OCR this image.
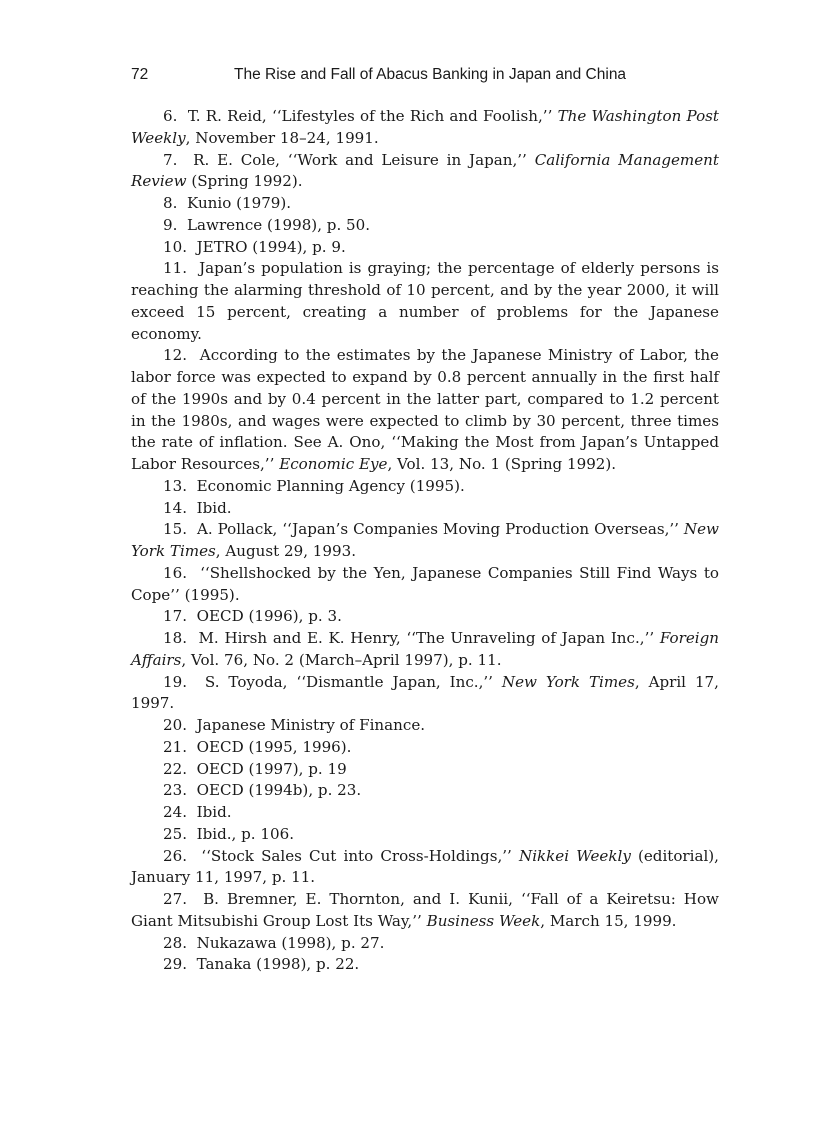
72	The Rise and Fall of Abacus Banking in Japan and China

6. T. R. Reid, ‘‘Lifestyles of the Rich and Foolish,’’ The Washington Post Weekly, November 18–24, 1991.

7. R. E. Cole, ‘‘Work and Leisure in Japan,’’ California Management Review (Spring 1992).

8. Kunio (1979).

9. Lawrence (1998), p. 50.

10. JETRO (1994), p. 9.

11. Japan’s population is graying; the percentage of elderly persons is reaching the alarming threshold of 10 percent, and by the year 2000, it will exceed 15 percent, creating a number of problems for the Japanese economy.

12. According to the estimates by the Japanese Ministry of Labor, the labor force was expected to expand by 0.8 percent annually in the first half of the 1990s and by 0.4 percent in the latter part, compared to 1.2 percent in the 1980s, and wages were expected to climb by 30 percent, three times the rate of inflation. See A. Ono, ‘‘Making the Most from Japan’s Untapped Labor Resources,’’ Economic Eye, Vol. 13, No. 1 (Spring 1992).

13. Economic Planning Agency (1995).

14. Ibid.

15. A. Pollack, ‘‘Japan’s Companies Moving Production Overseas,’’ New York Times, August 29, 1993.

16. ‘‘Shellshocked by the Yen, Japanese Companies Still Find Ways to Cope’’ (1995).

17. OECD (1996), p. 3.

18. M. Hirsh and E. K. Henry, ‘‘The Unraveling of Japan Inc.,’’ Foreign Affairs, Vol. 76, No. 2 (March–April 1997), p. 11.

19. S. Toyoda, ‘‘Dismantle Japan, Inc.,’’ New York Times, April 17, 1997.

20. Japanese Ministry of Finance.

21. OECD (1995, 1996).

22. OECD (1997), p. 19

23. OECD (1994b), p. 23.

24. Ibid.

25. Ibid., p. 106.

26. ‘‘Stock Sales Cut into Cross-Holdings,’’ Nikkei Weekly (editorial), January 11, 1997, p. 11.

27. B. Bremner, E. Thornton, and I. Kunii, ‘‘Fall of a Keiretsu: How Giant Mitsubishi Group Lost Its Way,’’ Business Week, March 15, 1999.

28. Nukazawa (1998), p. 27.

29. Tanaka (1998), p. 22.
